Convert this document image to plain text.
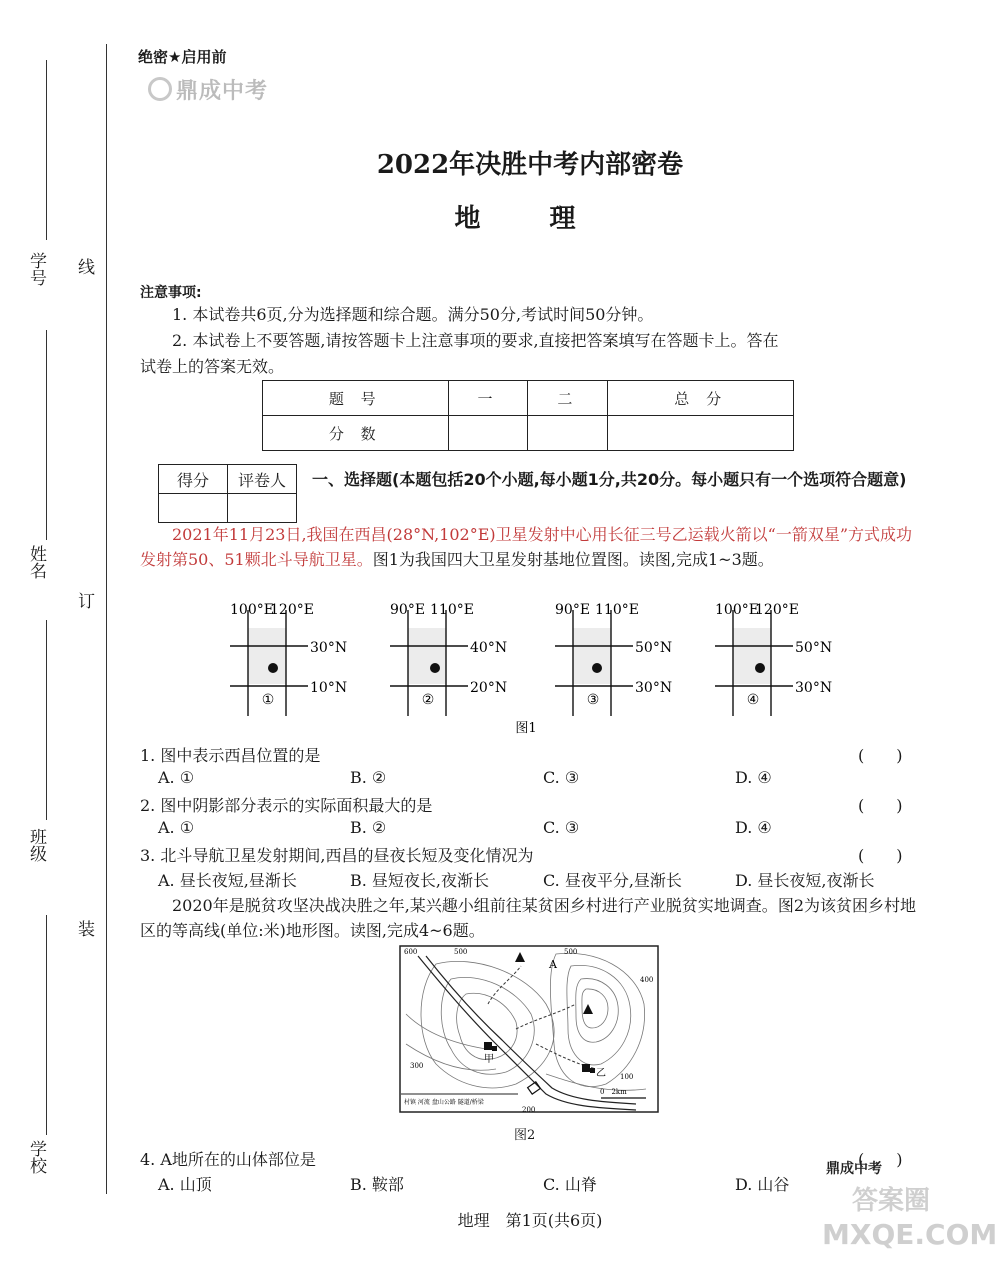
学号
姓名
班级
学校
线
订
装
绝密★启用前
鼎成中考
2022年决胜中考内部密卷
地 理
注意事项:
1. 本试卷共6页,分为选择题和综合题。满分50分,考试时间50分钟。
2. 本试卷上不要答题,请按答题卡上注意事项的要求,直接把答案填写在答题卡上。答在
试卷上的答案无效。
题 号	一	二	总 分
分 数			
得分	评卷人
	一、选择题(本题包括20个小题,每小题1分,共20分。每小题只有一个选项符合题意)
2021年11月23日,我国在西昌(28°N,102°E)卫星发射中心用长征三号乙运载火箭以“一箭双星”方式成功发射第50、51颗北斗导航卫星。图1为我国四大卫星发射基地位置图。读图,完成1~3题。
100°E
120°E
30°N
10°N
①
90°E 110°E
40°N
20°N
②
90°E 110°E
50°N
30°N
③
100°E
120°E
50°N
30°N
④
图1
1. 图中表示西昌位置的是	(　　)
A. ①	B. ②	C. ③	D. ④
2. 图中阴影部分表示的实际面积最大的是	(　　)
A. ①	B. ②	C. ③	D. ④
3. 北斗导航卫星发射期间,西昌的昼夜长短及变化情况为	(　　)
A. 昼长夜短,昼渐长	B. 昼短夜长,夜渐长	C. 昼夜平分,昼渐长	D. 昼长夜短,夜渐长
2020年是脱贫攻坚决战决胜之年,某兴趣小组前往某贫困乡村进行产业脱贫实地调查。图2为该贫困乡村地区的等高线(单位:米)地形图。读图,完成4~6题。
600	500	500
400
300
200
100
A
甲
乙
0　2km
村镇 河流 盘山公路 隧道/桥梁
图2
4. A地所在的山体部位是	(　　)
A. 山顶	B. 鞍部	C. 山脊	D. 山谷
鼎成中考
答案圈
MXQE.COM
地理　第1页(共6页)
